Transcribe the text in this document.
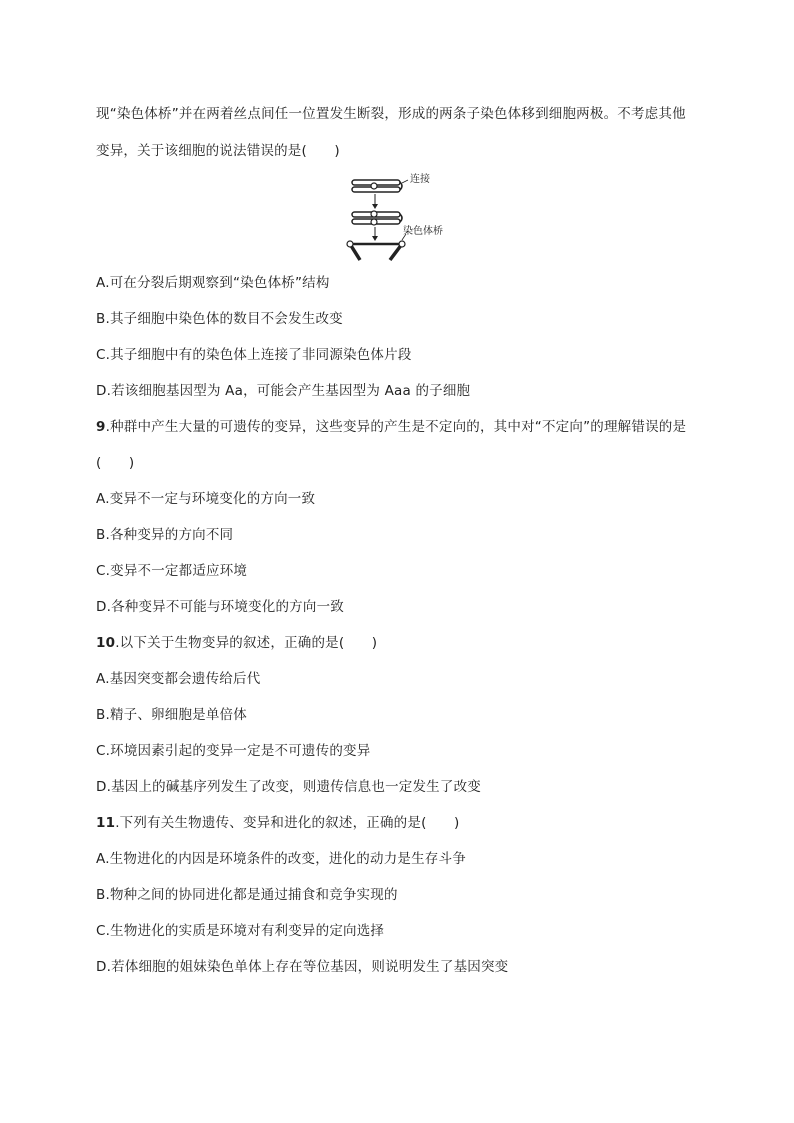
现“染色体桥”并在两着丝点间任一位置发生断裂，形成的两条子染色体移到细胞两极。不考虑其他
变异，关于该细胞的说法错误的是(　　)
连接
染色体桥
A.可在分裂后期观察到“染色体桥”结构
B.其子细胞中染色体的数目不会发生改变
C.其子细胞中有的染色体上连接了非同源染色体片段
D.若该细胞基因型为 Aa，可能会产生基因型为 Aaa 的子细胞
9.种群中产生大量的可遗传的变异，这些变异的产生是不定向的，其中对“不定向”的理解错误的是
(　　)
A.变异不一定与环境变化的方向一致
B.各种变异的方向不同
C.变异不一定都适应环境
D.各种变异不可能与环境变化的方向一致
10.以下关于生物变异的叙述，正确的是(　　)
A.基因突变都会遗传给后代
B.精子、卵细胞是单倍体
C.环境因素引起的变异一定是不可遗传的变异
D.基因上的碱基序列发生了改变，则遗传信息也一定发生了改变
11.下列有关生物遗传、变异和进化的叙述，正确的是(　　)
A.生物进化的内因是环境条件的改变，进化的动力是生存斗争
B.物种之间的协同进化都是通过捕食和竞争实现的
C.生物进化的实质是环境对有利变异的定向选择
D.若体细胞的姐妹染色单体上存在等位基因，则说明发生了基因突变
